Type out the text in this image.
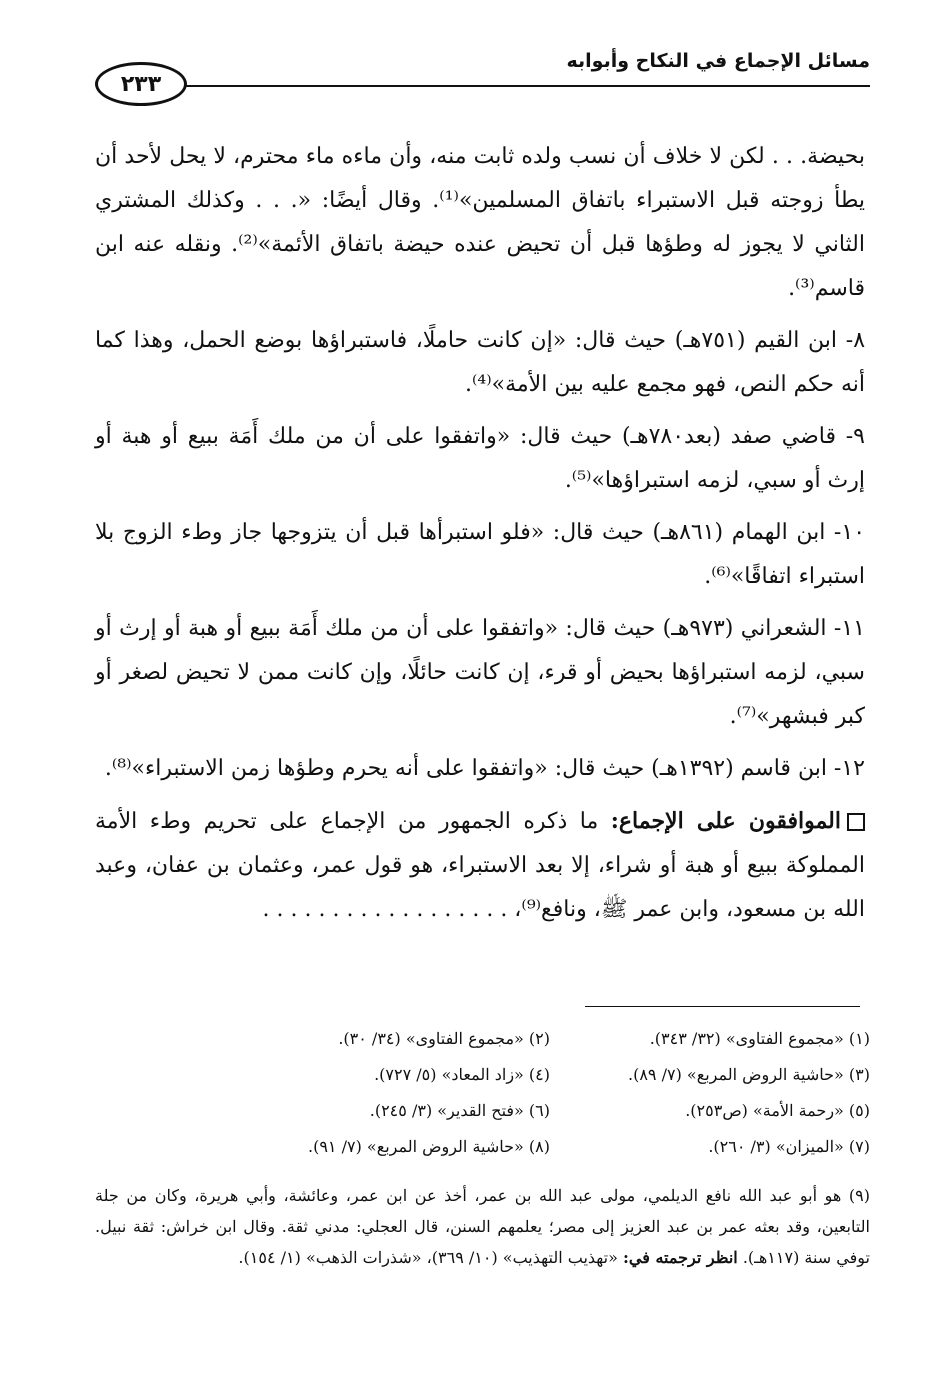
مسائل الإجماع في النكاح وأبوابه
٢٣٣

بحيضة. . . لكن لا خلاف أن نسب ولده ثابت منه، وأن ماءه ماء محترم، لا يحل لأحد أن يطأ زوجته قبل الاستبراء باتفاق المسلمين»⁽¹⁾. وقال أيضًا: «. . . وكذلك المشتري الثاني لا يجوز له وطؤها قبل أن تحيض عنده حيضة باتفاق الأئمة»⁽²⁾. ونقله عنه ابن قاسم⁽³⁾.

٨- ابن القيم (٧٥١هـ) حيث قال: «إن كانت حاملًا، فاستبراؤها بوضع الحمل، وهذا كما أنه حكم النص، فهو مجمع عليه بين الأمة»⁽⁴⁾.

٩- قاضي صفد (بعد٧٨٠هـ) حيث قال: «واتفقوا على أن من ملك أَمَة ببيع أو هبة أو إرث أو سبي، لزمه استبراؤها»⁽⁵⁾.

١٠- ابن الهمام (٨٦١هـ) حيث قال: «فلو استبرأها قبل أن يتزوجها جاز وطء الزوج بلا استبراء اتفاقًا»⁽⁶⁾.

١١- الشعراني (٩٧٣هـ) حيث قال: «واتفقوا على أن من ملك أَمَة ببيع أو هبة أو إرث أو سبي، لزمه استبراؤها بحيض أو قرء، إن كانت حائلًا، وإن كانت ممن لا تحيض لصغر أو كبر فبشهر»⁽⁷⁾.

١٢- ابن قاسم (١٣٩٢هـ) حيث قال: «واتفقوا على أنه يحرم وطؤها زمن الاستبراء»⁽⁸⁾.

الموافقون على الإجماع: ما ذكره الجمهور من الإجماع على تحريم وطء الأمة المملوكة ببيع أو هبة أو شراء، إلا بعد الاستبراء، هو قول عمر، وعثمان بن عفان، وعبد الله بن مسعود، وابن عمر ﷺ، ونافع⁽⁹⁾، . . . . . . . . . . . . . . . . . .

(١) «مجموع الفتاوى» (٣٢/ ٣٤٣).
(٢) «مجموع الفتاوى» (٣٤/ ٣٠).
(٣) «حاشية الروض المربع» (٧/ ٨٩).
(٤) «زاد المعاد» (٥/ ٧٢٧).
(٥) «رحمة الأمة» (ص٢٥٣).
(٦) «فتح القدير» (٣/ ٢٤٥).
(٧) «الميزان» (٣/ ٢٦٠).
(٨) «حاشية الروض المربع» (٧/ ٩١).
(٩) هو أبو عبد الله نافع الديلمي، مولى عبد الله بن عمر، أخذ عن ابن عمر، وعائشة، وأبي هريرة، وكان من جلة التابعين، وقد بعثه عمر بن عبد العزيز إلى مصر؛ يعلمهم السنن، قال العجلي: مدني ثقة. وقال ابن خراش: ثقة نبيل. توفي سنة (١١٧هـ). انظر ترجمته في: «تهذيب التهذيب» (١٠/ ٣٦٩)، «شذرات الذهب» (١/ ١٥٤).
